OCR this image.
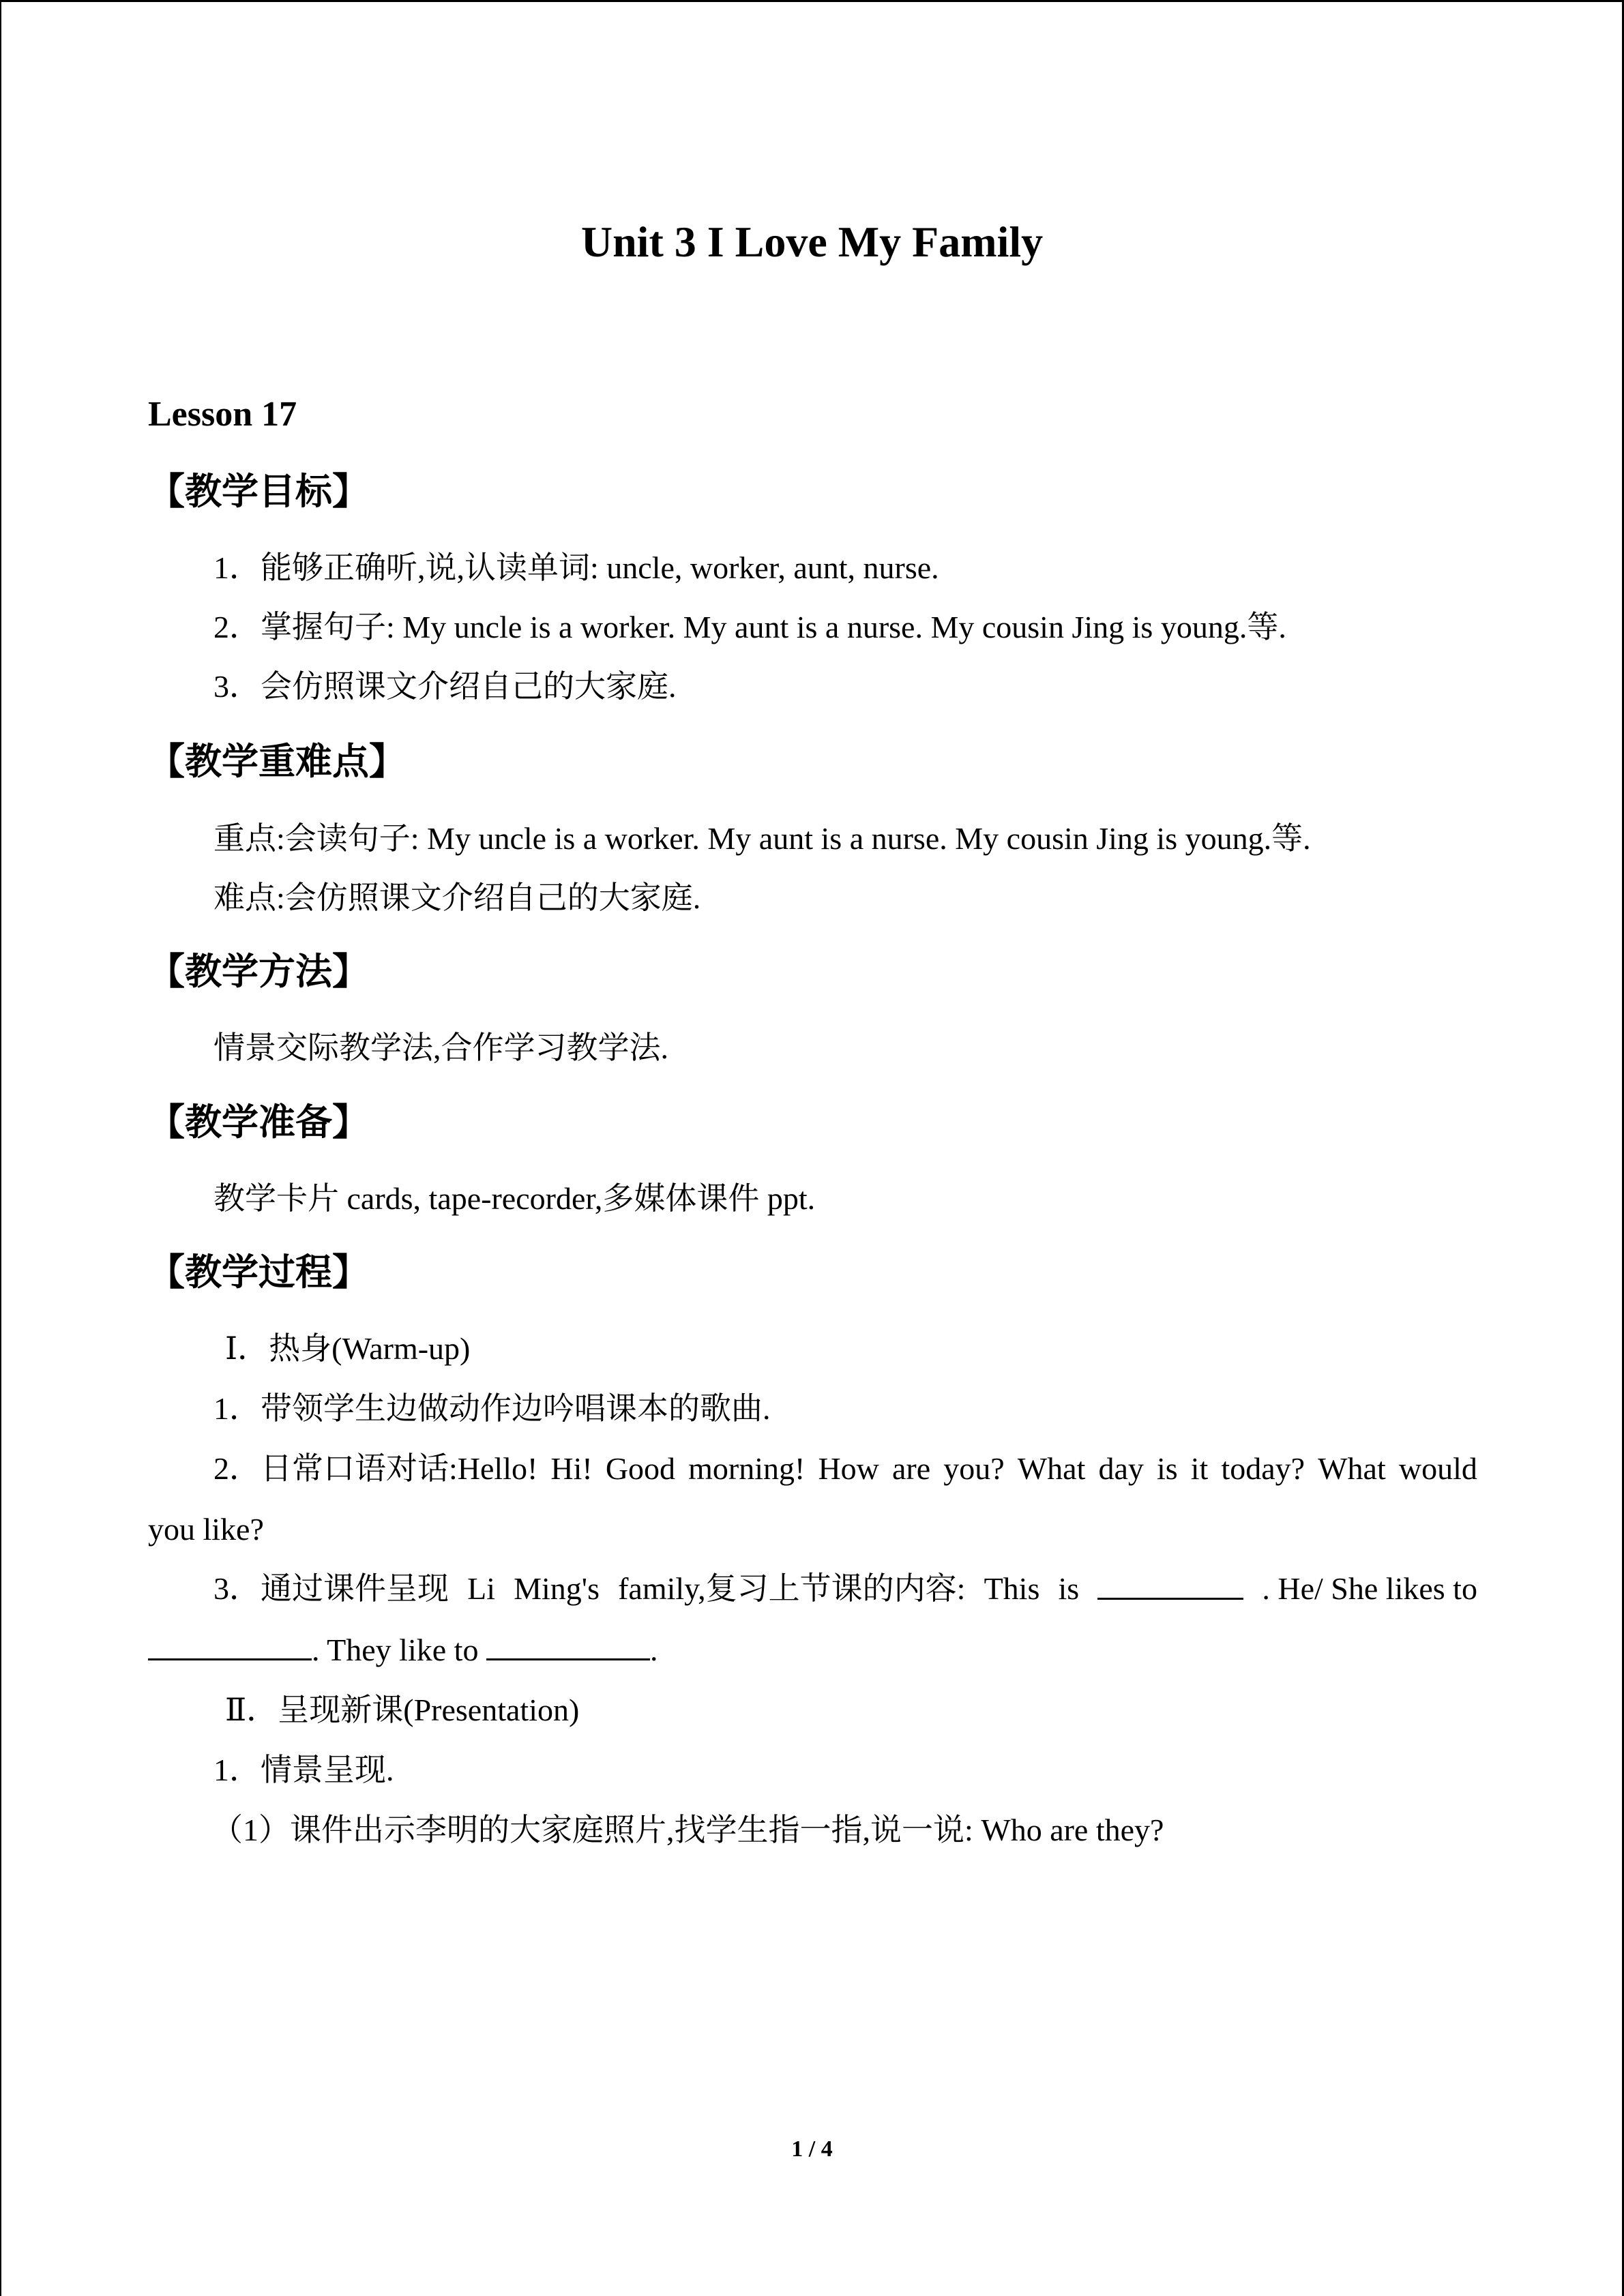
Unit 3 I Love My Family
Lesson 17
【教学目标】
1．能够正确听,说,认读单词: uncle, worker, aunt, nurse.
2．掌握句子: My uncle is a worker. My aunt is a nurse. My cousin Jing is young.等.
3．会仿照课文介绍自己的大家庭.
【教学重难点】
重点:会读句子: My uncle is a worker. My aunt is a nurse. My cousin Jing is young.等.
难点:会仿照课文介绍自己的大家庭.
【教学方法】
情景交际教学法,合作学习教学法.
【教学准备】
教学卡片 cards, tape-recorder,多媒体课件 ppt.
【教学过程】
Ⅰ．热身(Warm-up)
1．带领学生边做动作边吟唱课本的歌曲.
2．日常口语对话:Hello! Hi! Good morning! How are you? What day is it today? What would
you like?
3．通过课件呈现 Li Ming's family,复习上节课的内容: This is	. He/ She likes to
. They like to	.
Ⅱ．呈现新课(Presentation)
1．情景呈现.
（1）课件出示李明的大家庭照片,找学生指一指,说一说: Who are they?
1 / 4
